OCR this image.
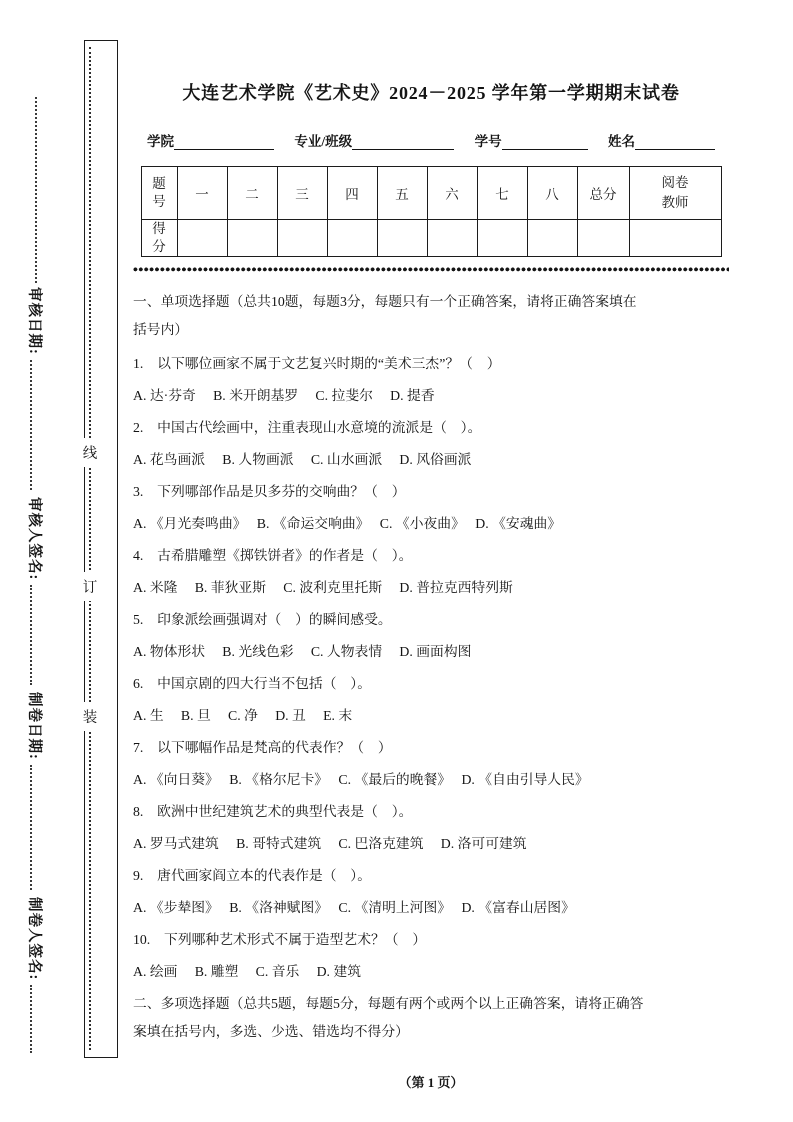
审核日期:
审核人签名:
制卷日期:
制卷人签名:
线
订
装
大连艺术学院《艺术史》2024－2025 学年第一学期期末试卷
学院	专业/班级	学号	姓名
题号	一	二	三	四	五	六	七	八	总分	阅卷教师
得分										

一、单项选择题（总共10题，每题3分，每题只有一个正确答案，请将正确答案填在
括号内）

1.　以下哪位画家不属于文艺复兴时期的“美术三杰”？（　）

A. 达·芬奇　 B. 米开朗基罗　 C. 拉斐尔　 D. 提香

2.　中国古代绘画中，注重表现山水意境的流派是（　）。

A. 花鸟画派　 B. 人物画派　 C. 山水画派　 D. 风俗画派

3.　下列哪部作品是贝多芬的交响曲？（　）

A. 《月光奏鸣曲》　 B. 《命运交响曲》　 C. 《小夜曲》　 D. 《安魂曲》

4.　古希腊雕塑《掷铁饼者》的作者是（　）。

A. 米隆　 B. 菲狄亚斯　 C. 波利克里托斯　 D. 普拉克西特列斯

5.　印象派绘画强调对（　）的瞬间感受。

A. 物体形状　 B. 光线色彩　 C. 人物表情　 D. 画面构图

6.　中国京剧的四大行当不包括（　）。

A. 生　 B. 旦　 C. 净　 D. 丑　 E. 末

7.　以下哪幅作品是梵高的代表作？（　）

A. 《向日葵》　 B. 《格尔尼卡》　 C. 《最后的晚餐》　 D. 《自由引导人民》

8.　欧洲中世纪建筑艺术的典型代表是（　）。

A. 罗马式建筑　 B. 哥特式建筑　 C. 巴洛克建筑　 D. 洛可可建筑

9.　唐代画家阎立本的代表作是（　）。

A. 《步辇图》　 B. 《洛神赋图》　 C. 《清明上河图》　 D. 《富春山居图》

10.　下列哪种艺术形式不属于造型艺术？（　）

A. 绘画　 B. 雕塑　 C. 音乐　 D. 建筑

二、多项选择题（总共5题，每题5分，每题有两个或两个以上正确答案，请将正确答
案填在括号内，多选、少选、错选均不得分）

（第 1 页）
